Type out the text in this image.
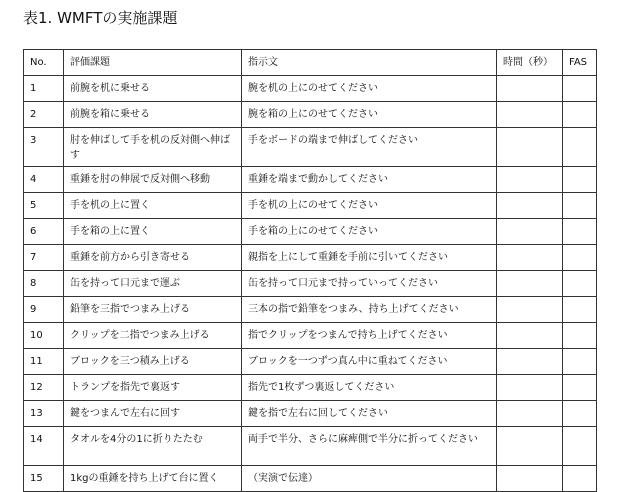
表1. WMFTの実施課題
No.	評価課題	指示文	時間（秒）	FAS
1	前腕を机に乗せる	腕を机の上にのせてください		
2	前腕を箱に乗せる	腕を箱の上にのせてください		
3	肘を伸ばして手を机の反対側へ伸ばす	手をボードの端まで伸ばしてください		
4	重錘を肘の伸展で反対側へ移動	重錘を端まで動かしてください		
5	手を机の上に置く	手を机の上にのせてください		
6	手を箱の上に置く	手を箱の上にのせてください		
7	重錘を前方から引き寄せる	親指を上にして重錘を手前に引いてください		
8	缶を持って口元まで運ぶ	缶を持って口元まで持っていってください		
9	鉛筆を三指でつまみ上げる	三本の指で鉛筆をつまみ、持ち上げてください		
10	クリップを二指でつまみ上げる	指でクリップをつまんで持ち上げてください		
11	ブロックを三つ積み上げる	ブロックを一つずつ真ん中に重ねてください		
12	トランプを指先で裏返す	指先で1枚ずつ裏返してください		
13	鍵をつまんで左右に回す	鍵を指で左右に回してください		
14	タオルを4分の1に折りたたむ	両手で半分、さらに麻痺側で半分に折ってください		
15	1kgの重錘を持ち上げて台に置く	（実演で伝達）		
